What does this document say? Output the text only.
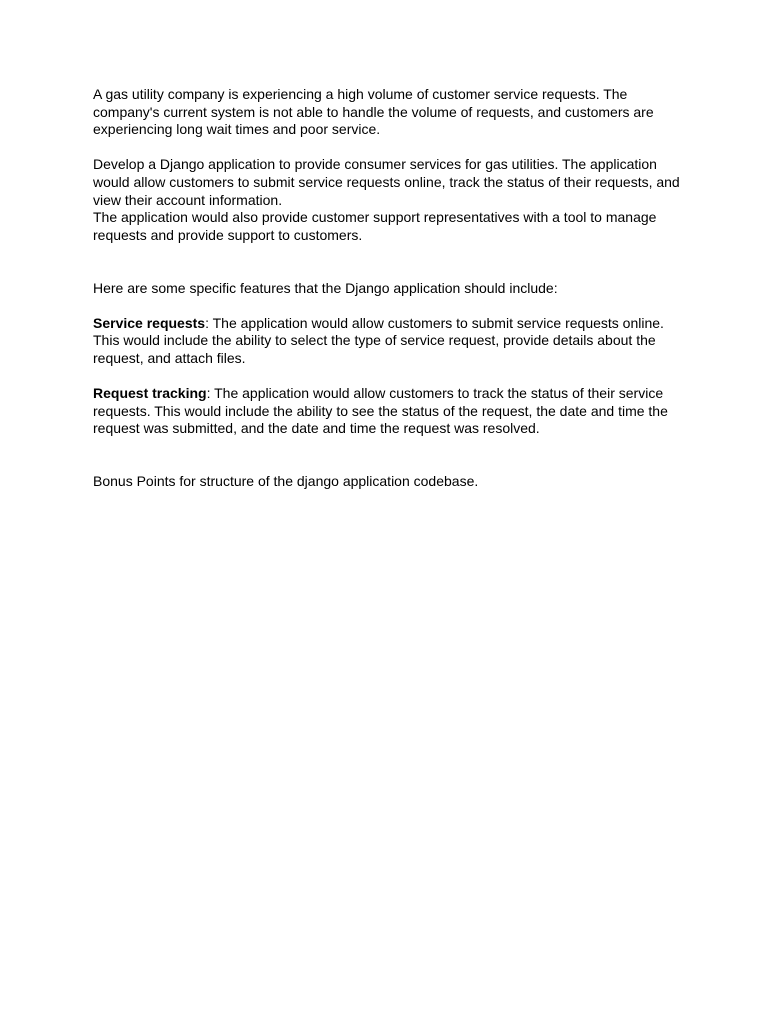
A gas utility company is experiencing a high volume of customer service requests. The company's current system is not able to handle the volume of requests, and customers are experiencing long wait times and poor service.

Develop a Django application to provide consumer services for gas utilities. The application would allow customers to submit service requests online, track the status of their requests, and view their account information.

The application would also provide customer support representatives with a tool to manage requests and provide support to customers.

Here are some specific features that the Django application should include:

Service requests: The application would allow customers to submit service requests online. This would include the ability to select the type of service request, provide details about the request, and attach files.

Request tracking: The application would allow customers to track the status of their service requests. This would include the ability to see the status of the request, the date and time the request was submitted, and the date and time the request was resolved.

Bonus Points for structure of the django application codebase.
